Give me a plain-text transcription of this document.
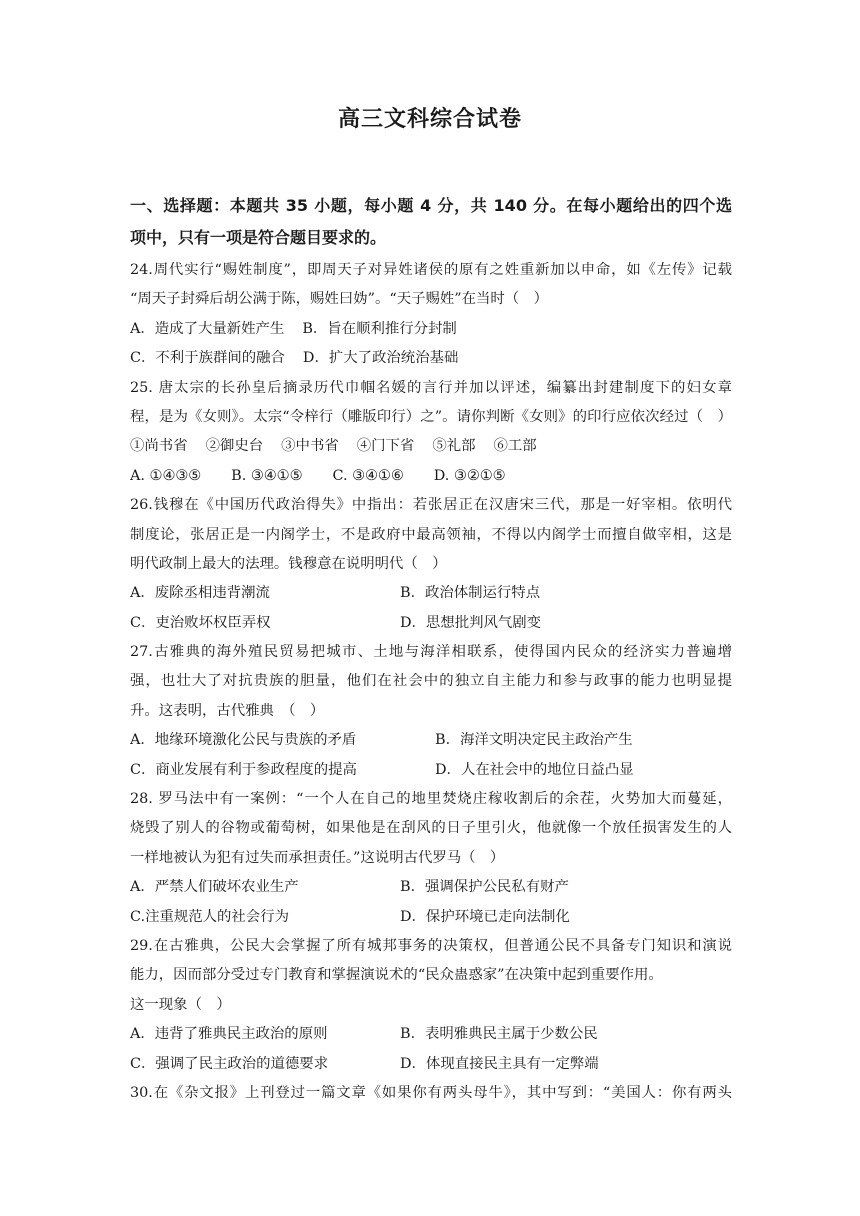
高三文科综合试卷
一、选择题：本题共 35 小题，每小题 4 分，共 140 分。在每小题给出的四个选
项中，只有一项是符合题目要求的。
24.周代实行“赐姓制度”，即周天子对异姓诸侯的原有之姓重新加以申命，如《左传》记载
“周天子封舜后胡公满于陈，赐姓曰妫”。“天子赐姓”在当时（　）
A．造成了大量新姓产生 B．旨在顺利推行分封制
C．不利于族群间的融合 D．扩大了政治统治基础
25. 唐太宗的长孙皇后摘录历代巾帼名媛的言行并加以评述，编纂出封建制度下的妇女章
程，是为《女则》。太宗“令梓行（雕版印行）之”。请你判断《女则》的印行应依次经过（　）
①尚书省 ②御史台 ③中书省 ④门下省 ⑤礼部 ⑥工部
A. ①④③⑤ B. ③④①⑤ C. ③④①⑥ D. ③②①⑤
26.钱穆在《中国历代政治得失》中指出：若张居正在汉唐宋三代，那是一好宰相。依明代
制度论，张居正是一内阁学士，不是政府中最高领袖，不得以内阁学士而擅自做宰相，这是
明代政制上最大的法理。钱穆意在说明明代（　）
A．废除丞相违背潮流	B．政治体制运行特点
C．吏治败坏权臣弄权	D．思想批判风气剧变
27.古雅典的海外殖民贸易把城市、土地与海洋相联系，使得国内民众的经济实力普遍增
强，也壮大了对抗贵族的胆量，他们在社会中的独立自主能力和参与政事的能力也明显提
升。这表明，古代雅典　（　）
A．地缘环境激化公民与贵族的矛盾	B．海洋文明决定民主政治产生
C．商业发展有利于参政程度的提高	D．人在社会中的地位日益凸显
28. 罗马法中有一案例：“一个人在自己的地里焚烧庄稼收割后的余茬，火势加大而蔓延，
烧毁了别人的谷物或葡萄树，如果他是在刮风的日子里引火，他就像一个放任损害发生的人
一样地被认为犯有过失而承担责任。”这说明古代罗马（　）
A．严禁人们破坏农业生产	B．强调保护公民私有财产
C.注重规范人的社会行为	D．保护环境已走向法制化
29.在古雅典，公民大会掌握了所有城邦事务的决策权，但普通公民不具备专门知识和演说
能力，因而部分受过专门教育和掌握演说术的“民众蛊惑家”在决策中起到重要作用。
这一现象（　）
A．违背了雅典民主政治的原则	B．表明雅典民主属于少数公民
C．强调了民主政治的道德要求	D．体现直接民主具有一定弊端
30.在《杂文报》上刊登过一篇文章《如果你有两头母牛》，其中写到：“美国人：你有两头
